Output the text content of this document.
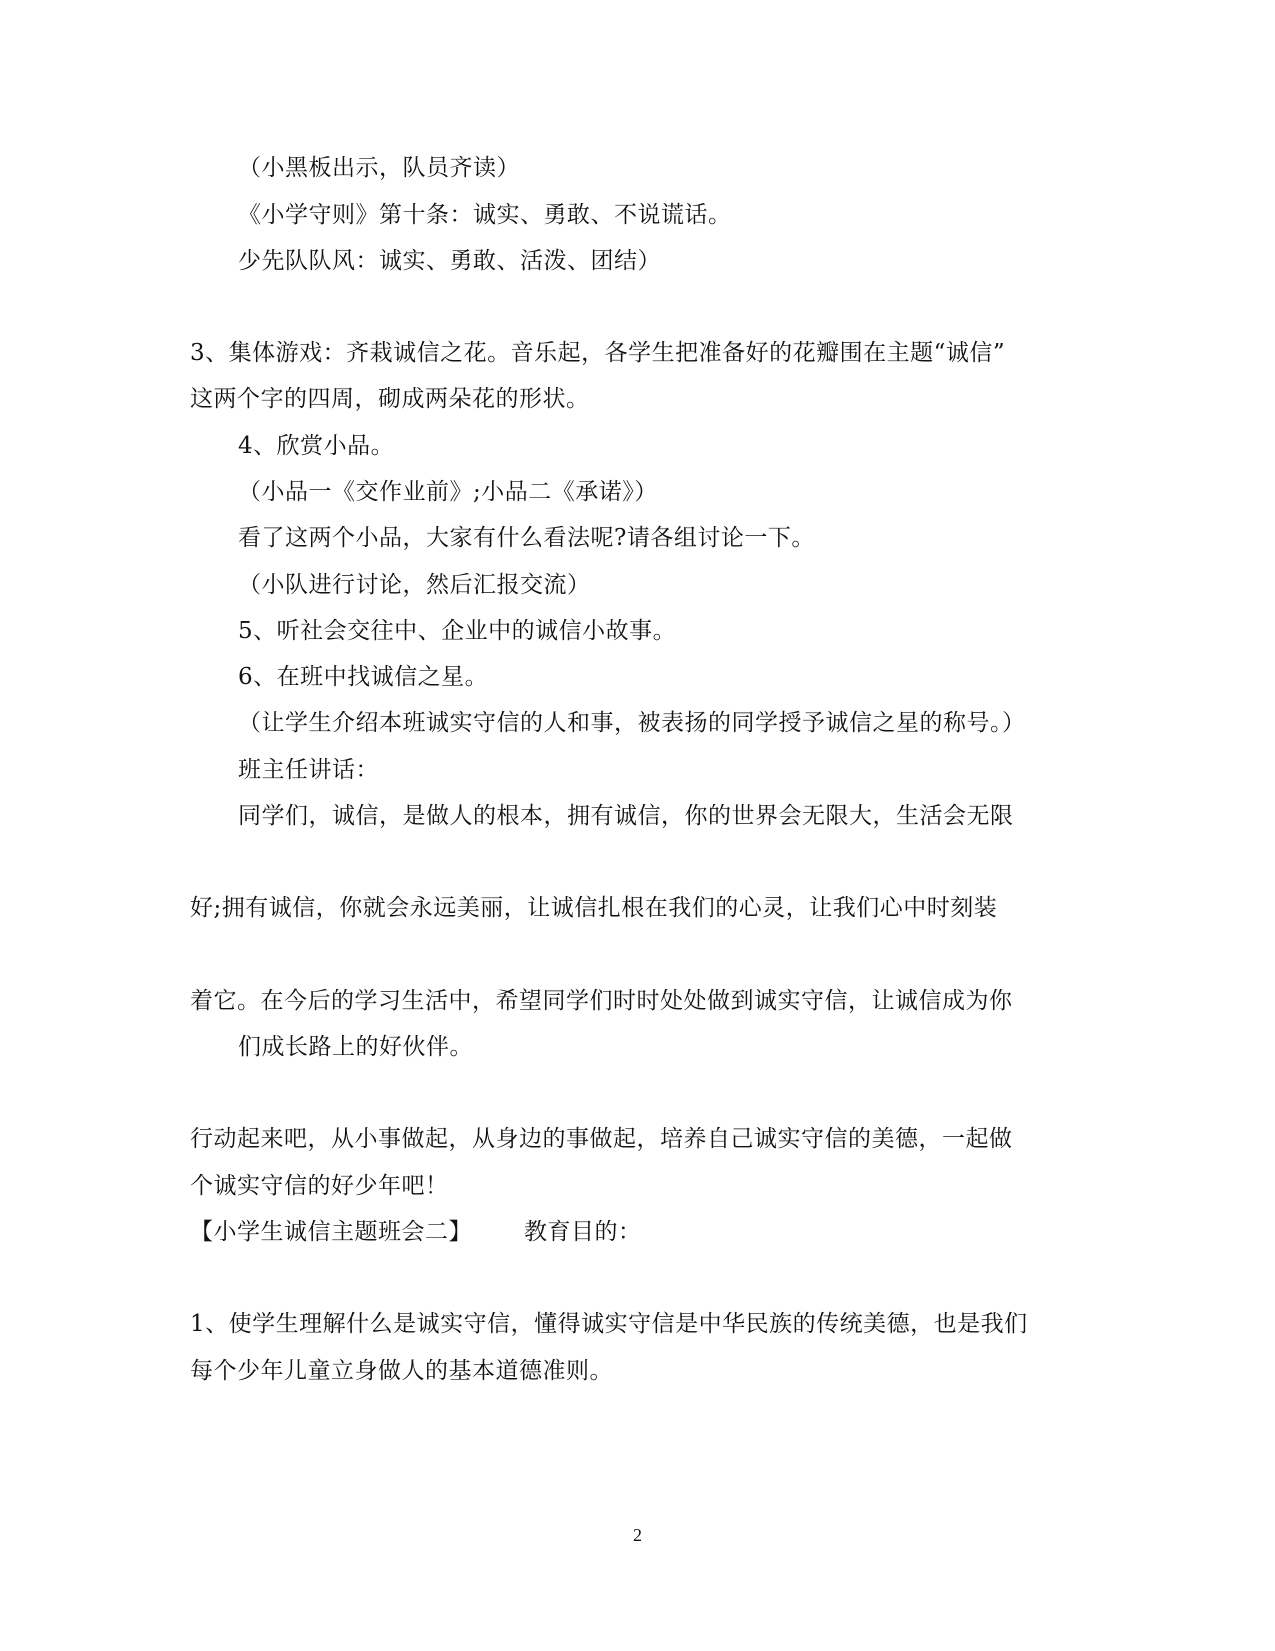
（小黑板出示，队员齐读）
《小学守则》第十条：诚实、勇敢、不说谎话。
少先队队风：诚实、勇敢、活泼、团结）
3、集体游戏：齐栽诚信之花。音乐起，各学生把准备好的花瓣围在主题“诚信”
这两个字的四周，砌成两朵花的形状。
4、欣赏小品。
（小品一《交作业前》;小品二《承诺》）
看了这两个小品，大家有什么看法呢?请各组讨论一下。
（小队进行讨论，然后汇报交流）
5、听社会交往中、企业中的诚信小故事。
6、在班中找诚信之星。
（让学生介绍本班诚实守信的人和事，被表扬的同学授予诚信之星的称号。）
班主任讲话：
同学们，诚信，是做人的根本，拥有诚信，你的世界会无限大，生活会无限
好;拥有诚信，你就会永远美丽，让诚信扎根在我们的心灵，让我们心中时刻装
着它。在今后的学习生活中，希望同学们时时处处做到诚实守信，让诚信成为你
们成长路上的好伙伴。
行动起来吧，从小事做起，从身边的事做起，培养自己诚实守信的美德，一起做
个诚实守信的好少年吧！
【小学生诚信主题班会二】 教育目的：
1、使学生理解什么是诚实守信，懂得诚实守信是中华民族的传统美德，也是我们
每个少年儿童立身做人的基本道德准则。
2
